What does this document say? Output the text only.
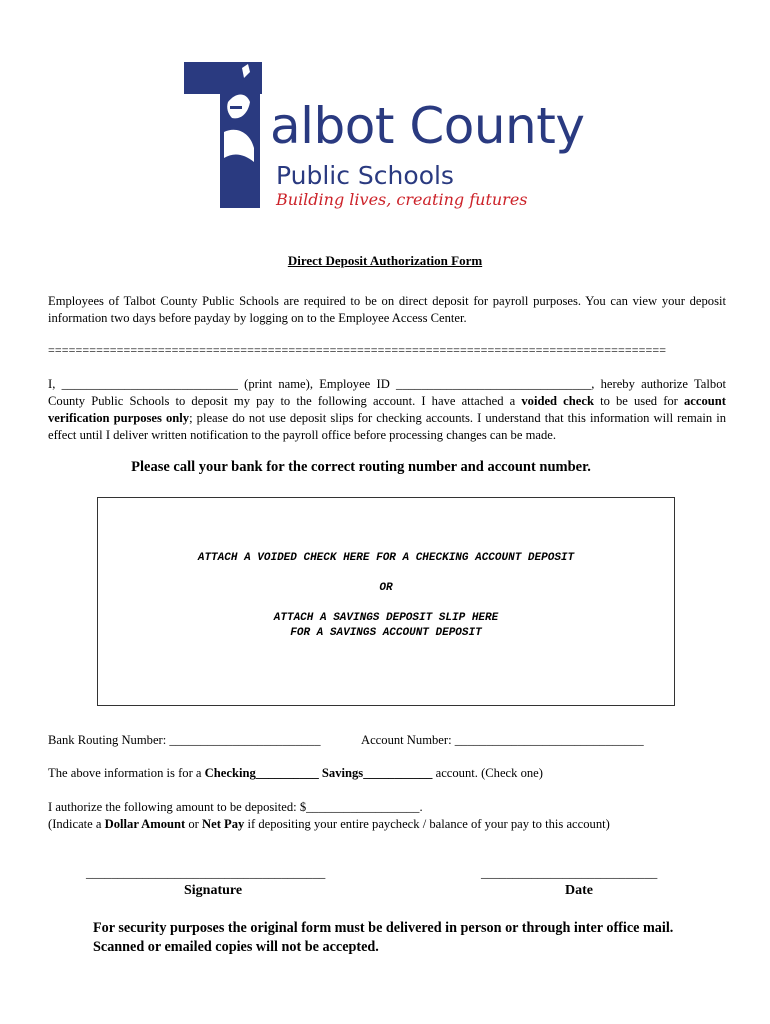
albot County
Public Schools
Building lives, creating futures
Direct Deposit Authorization Form
Employees of Talbot County Public Schools are required to be on direct deposit for payroll purposes. You can view your deposit information two days before payday by logging on to the Employee Access Center.
==========================================================================================
I, ____________________________ (print name), Employee ID _______________________________, hereby authorize Talbot County Public Schools to deposit my pay to the following account. I have attached a voided check to be used for account verification purposes only; please do not use deposit slips for checking accounts. I understand that this information will remain in effect until I deliver written notification to the payroll office before processing changes can be made.
Please call your bank for the correct routing number and account number.
ATTACH A VOIDED CHECK HERE FOR A CHECKING ACCOUNT DEPOSIT
OR
ATTACH A SAVINGS DEPOSIT SLIP HERE
FOR A SAVINGS ACCOUNT DEPOSIT
Bank Routing Number: ________________________	Account Number: ______________________________
The above information is for a Checking__________ Savings___________ account. (Check one)
I authorize the following amount to be deposited: $__________________.
(Indicate a Dollar Amount or Net Pay if depositing your entire paycheck / balance of your pay to this account)
______________________________________
Signature
____________________________
Date
For security purposes the original form must be delivered in person or through inter office mail.
Scanned or emailed copies will not be accepted.
